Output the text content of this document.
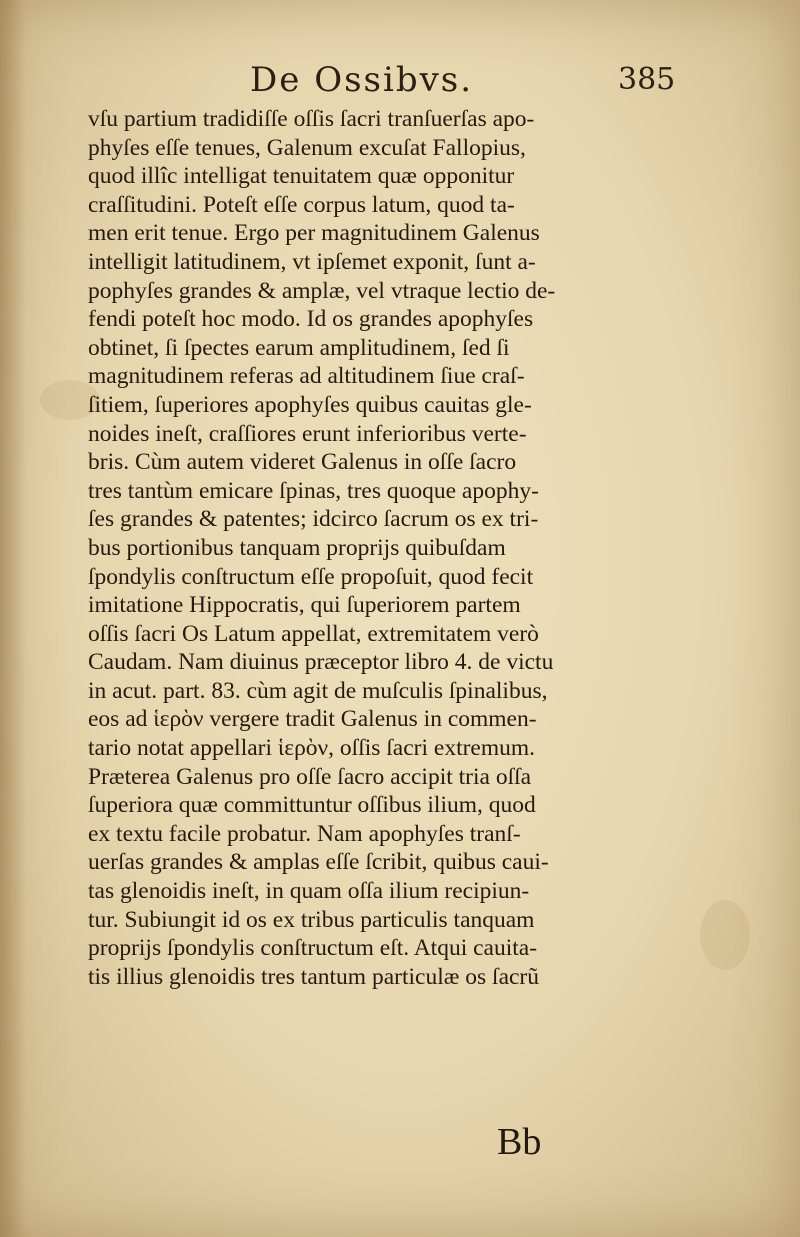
De Ossibvs.	385
vſu partium tradidiſſe oſſis ſacri tranſuerſas apo-
phyſes eſſe tenues, Galenum excuſat Fallopius,
quod illîc intelligat tenuitatem quæ opponitur
craſſitudini. Poteſt eſſe corpus latum, quod ta-
men erit tenue. Ergo per magnitudinem Galenus
intelligit latitudinem, vt ipſemet exponit, ſunt a-
pophyſes grandes & amplæ, vel vtraque lectio de-
fendi poteſt hoc modo. Id os grandes apophyſes
obtinet, ſi ſpectes earum amplitudinem, ſed ſi
magnitudinem referas ad altitudinem ſiue craſ-
ſitiem, ſuperiores apophyſes quibus cauitas gle-
noides ineſt, craſſiores erunt inferioribus verte-
bris. Cùm autem videret Galenus in oſſe ſacro
tres tantùm emicare ſpinas, tres quoque apophy-
ſes grandes & patentes; idcirco ſacrum os ex tri-
bus portionibus tanquam proprijs quibuſdam
ſpondylis conſtructum eſſe propoſuit, quod fecit
imitatione Hippocratis, qui ſuperiorem partem
oſſis ſacri Os Latum appellat, extremitatem verò
Caudam. Nam diuinus præceptor libro 4. de victu
in acut. part. 83. cùm agit de muſculis ſpinalibus,
eos ad ἱερὸν vergere tradit Galenus in commen-
tario notat appellari ἱερὸν, oſſis ſacri extremum.
Præterea Galenus pro oſſe ſacro accipit tria oſſa
ſuperiora quæ committuntur oſſibus ilium, quod
ex textu facile probatur. Nam apophyſes tranſ-
uerſas grandes & amplas eſſe ſcribit, quibus caui-
tas glenoidis ineſt, in quam oſſa ilium recipiun-
tur. Subiungit id os ex tribus particulis tanquam
proprijs ſpondylis conſtructum eſt. Atqui cauita-
tis illius glenoidis tres tantum particulæ os ſacrũ
Bb
